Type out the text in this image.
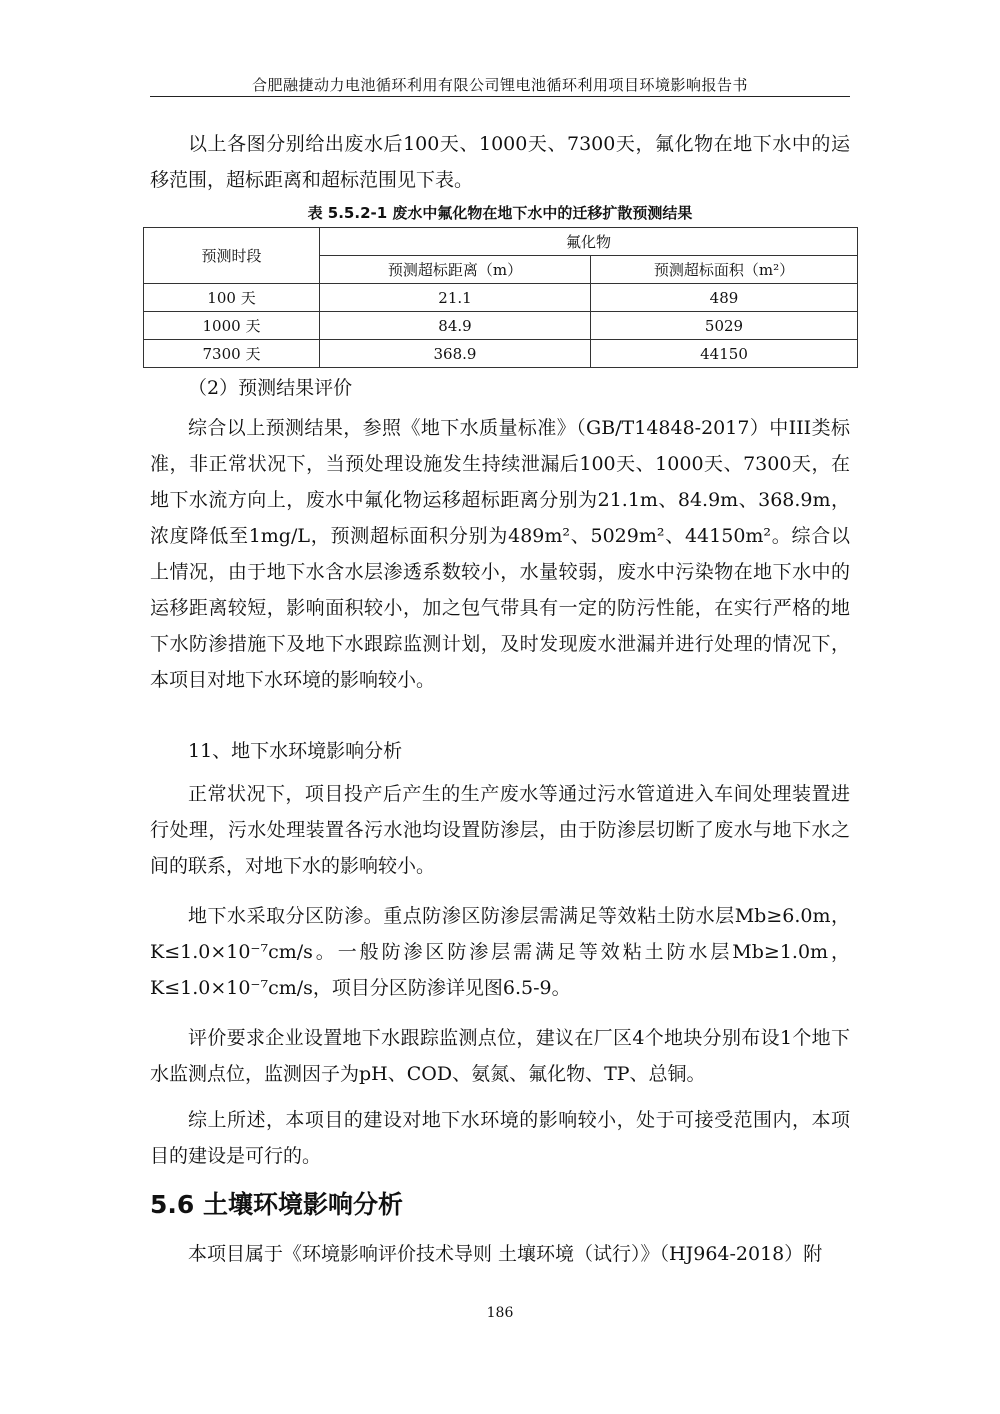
合肥融捷动力电池循环利用有限公司锂电池循环利用项目环境影响报告书

以上各图分别给出废水后100天、1000天、7300天，氟化物在地下水中的运移范围，超标距离和超标范围见下表。

表 5.5.2-1 废水中氟化物在地下水中的迁移扩散预测结果
预测时段	氟化物	
	预测超标距离（m）	预测超标面积（m²）
100 天	21.1	489
1000 天	84.9	5029
7300 天	368.9	44150

（2）预测结果评价

综合以上预测结果，参照《地下水质量标准》（GB/T14848-2017）中III类标准，非正常状况下，当预处理设施发生持续泄漏后100天、1000天、7300天，在地下水流方向上，废水中氟化物运移超标距离分别为21.1m、84.9m、368.9m，浓度降低至1mg/L，预测超标面积分别为489m²、5029m²、44150m²。综合以上情况，由于地下水含水层渗透系数较小，水量较弱，废水中污染物在地下水中的运移距离较短，影响面积较小，加之包气带具有一定的防污性能，在实行严格的地下水防渗措施下及地下水跟踪监测计划，及时发现废水泄漏并进行处理的情况下，本项目对地下水环境的影响较小。

11、地下水环境影响分析

正常状况下，项目投产后产生的生产废水等通过污水管道进入车间处理装置进行处理，污水处理装置各污水池均设置防渗层，由于防渗层切断了废水与地下水之间的联系，对地下水的影响较小。

地下水采取分区防渗。重点防渗区防渗层需满足等效粘土防水层Mb≥6.0m，K≤1.0×10⁻⁷cm/s。一般防渗区防渗层需满足等效粘土防水层Mb≥1.0m，K≤1.0×10⁻⁷cm/s，项目分区防渗详见图6.5-9。

评价要求企业设置地下水跟踪监测点位，建议在厂区4个地块分别布设1个地下水监测点位，监测因子为pH、COD、氨氮、氟化物、TP、总铜。

综上所述，本项目的建设对地下水环境的影响较小，处于可接受范围内，本项目的建设是可行的。

5.6 土壤环境影响分析

本项目属于《环境影响评价技术导则 土壤环境（试行）》（HJ964-2018）附

186
